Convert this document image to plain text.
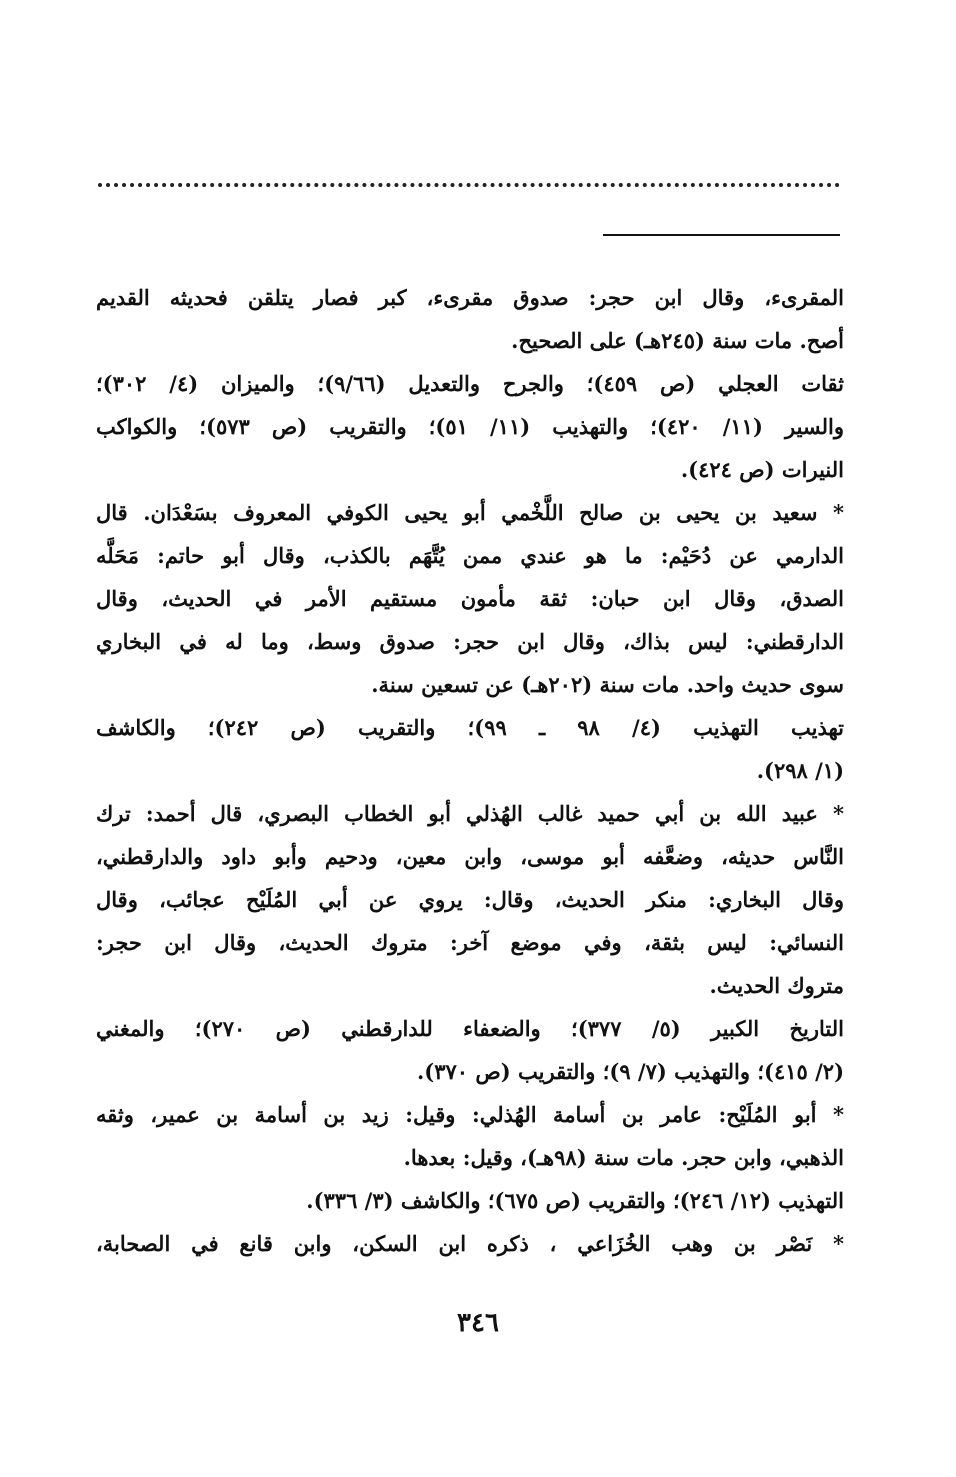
المقرىء، وقال ابن حجر: صدوق مقرىء، كبر فصار يتلقن فحديثه القديم
أصح. مات سنة (٢٤٥هـ) على الصحيح.
ثقات العجلي (ص ٤٥٩)؛ والجرح والتعديل (٩/٦٦)؛ والميزان (٤/ ٣٠٢)؛
والسير (١١/ ٤٢٠)؛ والتهذيب (١١/ ٥١)؛ والتقريب (ص ٥٧٣)؛ والكواكب
النيرات (ص ٤٢٤).
* سعيد بن يحيى بن صالح اللَّخْمي أبو يحيى الكوفي المعروف بسَعْدَان. قال
الدارمي عن دُحَيْم: ما هو عندي ممن يُتَّهَم بالكذب، وقال أبو حاتم: مَحَلَّه
الصدق، وقال ابن حبان: ثقة مأمون مستقيم الأمر في الحديث، وقال
الدارقطني: ليس بذاك، وقال ابن حجر: صدوق وسط، وما له في البخاري
سوى حديث واحد. مات سنة (٢٠٢هـ) عن تسعين سنة.
تهذيب التهذيب (٤/ ٩٨ ـ ٩٩)؛ والتقريب (ص ٢٤٢)؛ والكاشف
(١/ ٢٩٨).
* عبيد الله بن أبي حميد غالب الهُذلي أبو الخطاب البصري، قال أحمد: ترك
النَّاس حديثه، وضعَّفه أبو موسى، وابن معين، ودحيم وأبو داود والدارقطني،
وقال البخاري: منكر الحديث، وقال: يروي عن أبي المُلَيْح عجائب، وقال
النسائي: ليس بثقة، وفي موضع آخر: متروك الحديث، وقال ابن حجر:
متروك الحديث.
التاريخ الكبير (٥/ ٣٧٧)؛ والضعفاء للدارقطني (ص ٢٧٠)؛ والمغني
(٢/ ٤١٥)؛ والتهذيب (٧/ ٩)؛ والتقريب (ص ٣٧٠).
* أبو المُلَيْح: عامر بن أسامة الهُذلي: وقيل: زيد بن أسامة بن عمير، وثقه
الذهبي، وابن حجر. مات سنة (٩٨هـ)، وقيل: بعدها.
التهذيب (١٢/ ٢٤٦)؛ والتقريب (ص ٦٧٥)؛ والكاشف (٣/ ٣٣٦).
* نَصْر بن وهب الخُزَاعي ، ذكره ابن السكن، وابن قانع في الصحابة،
٣٤٦
